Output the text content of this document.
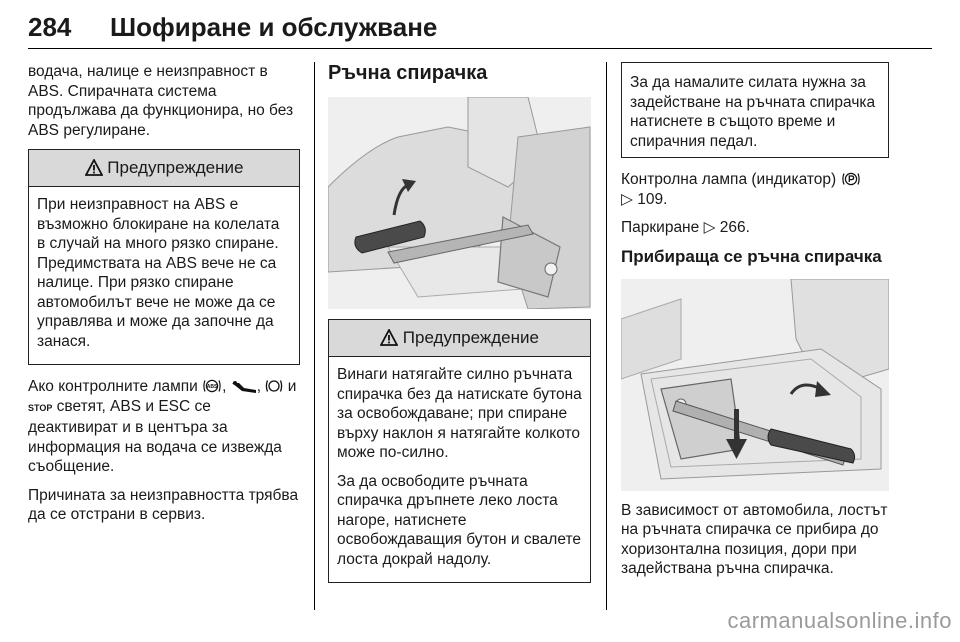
284 Шофиране и обслужване

водача, налице е неизправност в ABS. Спирачната система продължава да функционира, но без ABS регулиране.

Предупреждение

При неизправност на ABS е възможно блокиране на колелата в случай на много рязко спиране. Предимствата на ABS вече не са налице. При рязко спиране автомобилът вече не може да се управлява и може да започне да занася.

Ако контролните лампи ABS , ,  и STOP светят, ABS и ESC се деактивират и в центъра за информация на водача се извежда съобщение.

Причината за неизправността трябва да се отстрани в сервиз.

Ръчна спирачка
Предупреждение

Винаги натягайте силно ръчната спирачка без да натискате бутона за освобождаване; при спиране върху наклон я натягайте колкото може по-силно.

За да освободите ръчната спирачка дръпнете леко лоста нагоре, натиснете освобождаващия бутон и свалете лоста докрай надолу.

За да намалите силата нужна за задействане на ръчната спирачка натиснете в същото време и спирачния педал.

Контролна лампа (индикатор)
▷ 109.

Паркиране ▷ 266.

Прибираща се ръчна спирачка

В зависимост от автомобила, лостът на ръчната спирачка се прибира до хоризонтална позиция, дори при задействана ръчна спирачка.

carmanualsonline.info
